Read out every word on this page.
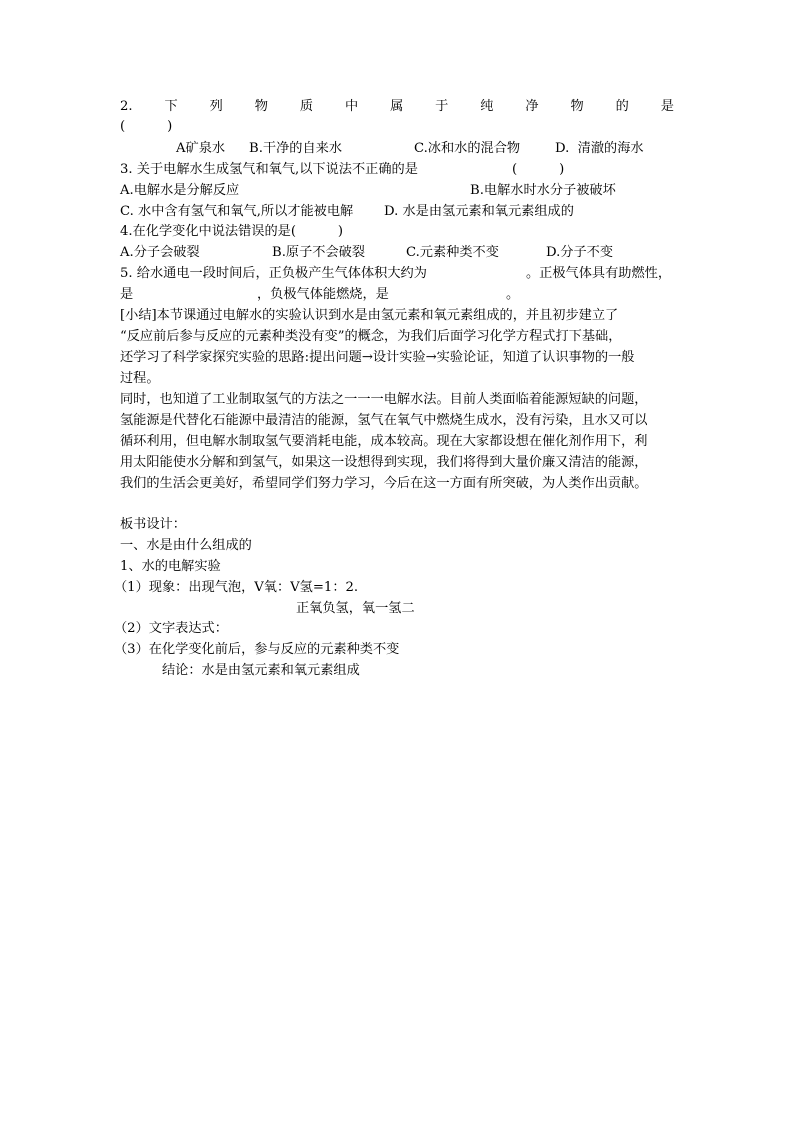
2. 下 列 物 质 中 属 于 纯 净 物 的 是
(          )
A矿泉水 B.干净的自来水	C.冰和水的混合物	D.  清澈的海水
3. 关于电解水生成氢气和氧气,以下说法不正确的是	(          )
A.电解水是分解反应	B.电解水时水分子被破坏
C. 水中含有氢气和氧气,所以才能被电解 D. 水是由氢元素和氧元素组成的
4.在化学变化中说法错误的是(          )
A.分子会破裂	B.原子不会破裂	C.元素种类不变	D.分子不变
5. 给水通电一段时间后，正负极产生气体体积大约为	。正极气体具有助燃性，
是	，负极气体能燃烧，是	。
[小结]本节课通过电解水的实验认识到水是由氢元素和氧元素组成的，并且初步建立了
“反应前后参与反应的元素种类没有变”的概念，为我们后面学习化学方程式打下基础，
还学习了科学家探究实验的思路:提出问题→设计实验→实验论证，知道了认识事物的一般
过程。
同时，也知道了工业制取氢气的方法之一一一电解水法。目前人类面临着能源短缺的问题，
氢能源是代替化石能源中最清洁的能源，氢气在氧气中燃烧生成水，没有污染，且水又可以
循环利用，但电解水制取氢气要消耗电能，成本较高。现在大家都设想在催化剂作用下，利
用太阳能使水分解和到氢气，如果这一设想得到实现，我们将得到大量价廉又清洁的能源，
我们的生活会更美好，希望同学们努力学习，今后在这一方面有所突破，为人类作出贡献。
板书设计：
一、水是由什么组成的
1、水的电解实验
（1）现象：出现气泡，V氧：V氢=1：2.
正氧负氢，氧一氢二
（2）文字表达式：
（3）在化学变化前后，参与反应的元素种类不变
结论：水是由氢元素和氧元素组成
